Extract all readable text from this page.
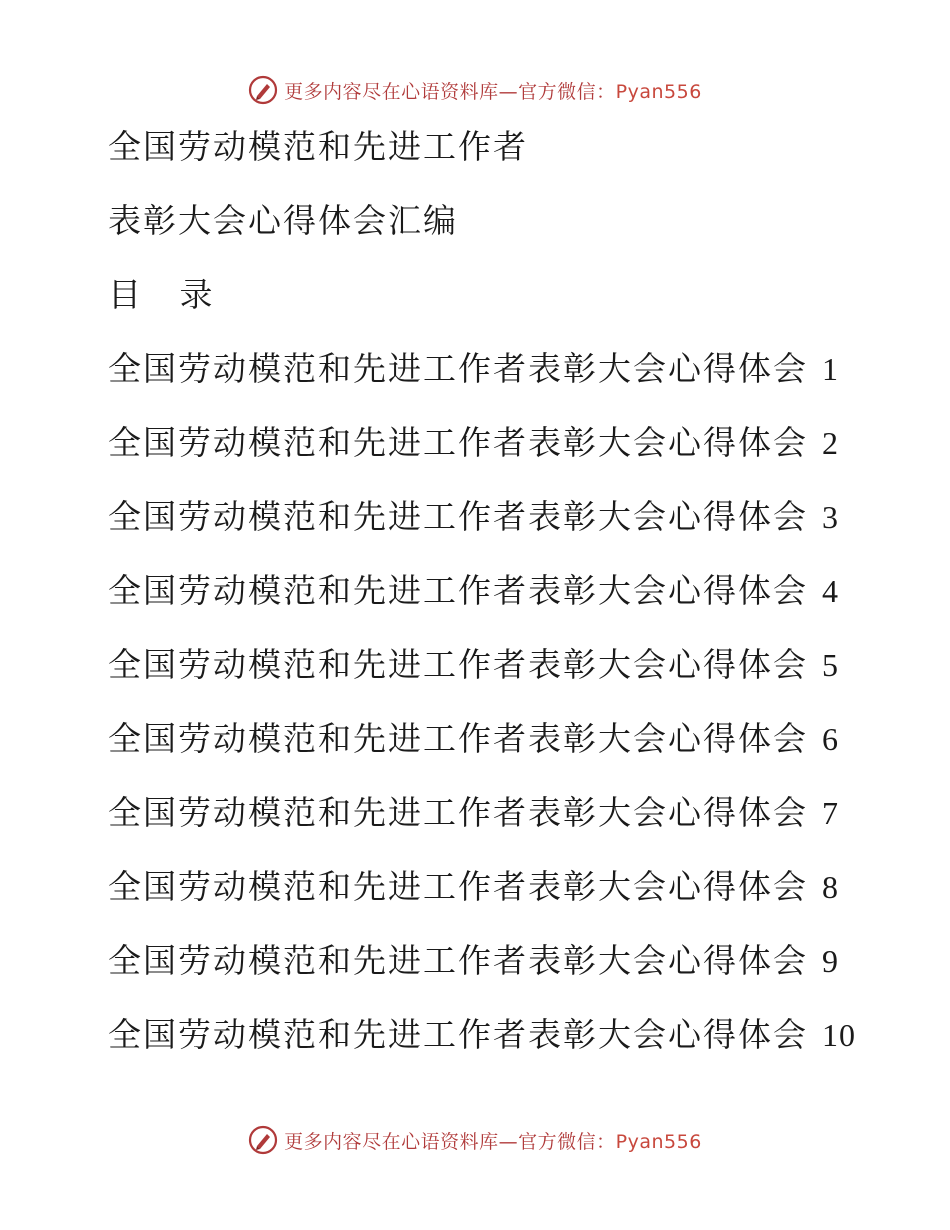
更多内容尽在心语资料库—官方微信：Pyan556
全国劳动模范和先进工作者
表彰大会心得体会汇编
目 录
全国劳动模范和先进工作者表彰大会心得体会 1
全国劳动模范和先进工作者表彰大会心得体会 2
全国劳动模范和先进工作者表彰大会心得体会 3
全国劳动模范和先进工作者表彰大会心得体会 4
全国劳动模范和先进工作者表彰大会心得体会 5
全国劳动模范和先进工作者表彰大会心得体会 6
全国劳动模范和先进工作者表彰大会心得体会 7
全国劳动模范和先进工作者表彰大会心得体会 8
全国劳动模范和先进工作者表彰大会心得体会 9
全国劳动模范和先进工作者表彰大会心得体会 10
更多内容尽在心语资料库—官方微信：Pyan556
